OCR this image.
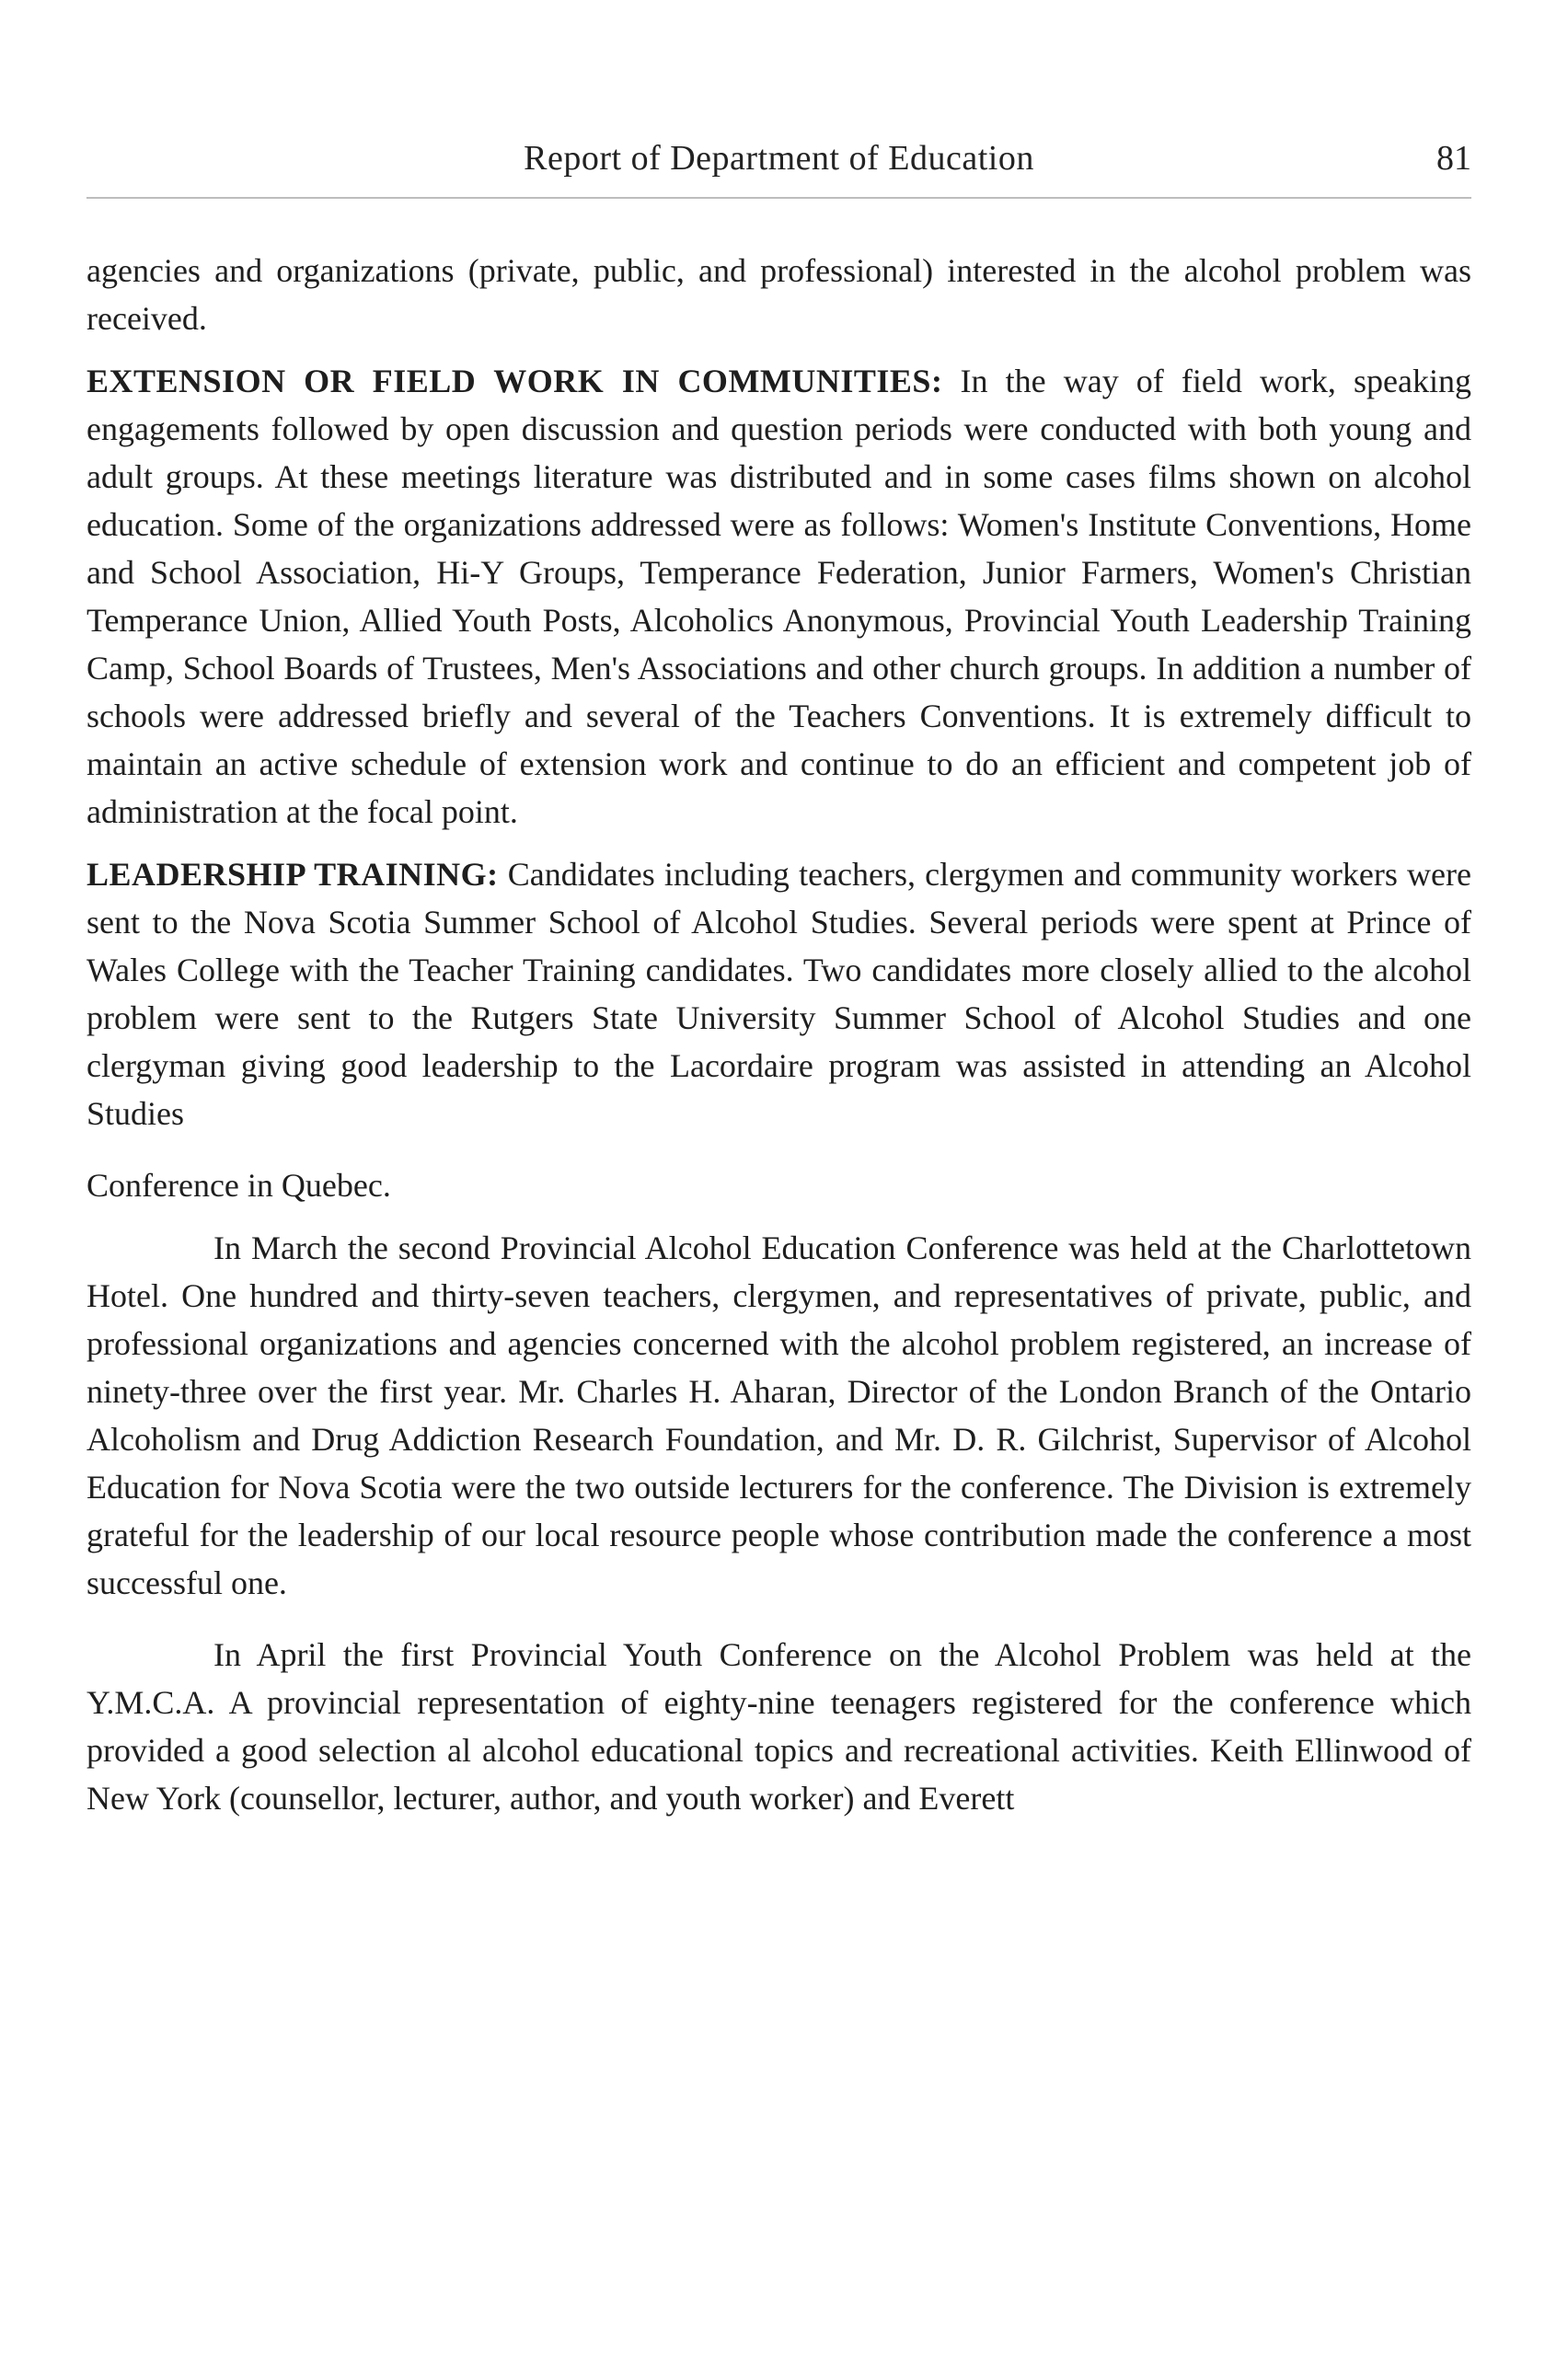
Report of Department of Education	81

agencies and organizations (private, public, and professional) interested in the alcohol problem was received.

EXTENSION OR FIELD WORK IN COMMUNITIES: In the way of field work, speaking engagements followed by open discussion and question periods were conducted with both young and adult groups. At these meetings literature was distributed and in some cases films shown on alcohol education. Some of the organizations addressed were as follows: Women's Institute Conventions, Home and School Association, Hi-Y Groups, Temperance Federation, Junior Farmers, Women's Christian Temperance Union, Allied Youth Posts, Alcoholics Anonymous, Provincial Youth Leadership Training Camp, School Boards of Trustees, Men's Associations and other church groups. In addition a number of schools were addressed briefly and several of the Teachers Conventions. It is extremely difficult to maintain an active schedule of extension work and continue to do an efficient and competent job of administration at the focal point.

LEADERSHIP TRAINING: Candidates including teachers, clergymen and community workers were sent to the Nova Scotia Summer School of Alcohol Studies. Several periods were spent at Prince of Wales College with the Teacher Training candidates. Two candidates more closely allied to the alcohol problem were sent to the Rutgers State University Summer School of Alcohol Studies and one clergyman giving good leadership to the Lacordaire program was assisted in attending an Alcohol Studies

Conference in Quebec.

In March the second Provincial Alcohol Education Conference was held at the Charlottetown Hotel. One hundred and thirty-seven teachers, clergymen, and representatives of private, public, and professional organizations and agencies concerned with the alcohol problem registered, an increase of ninety-three over the first year. Mr. Charles H. Aharan, Director of the London Branch of the Ontario Alcoholism and Drug Addiction Research Foundation, and Mr. D. R. Gilchrist, Supervisor of Alcohol Education for Nova Scotia were the two outside lecturers for the conference. The Division is extremely grateful for the leadership of our local resource people whose contribution made the conference a most successful one.

In April the first Provincial Youth Conference on the Alcohol Problem was held at the Y.M.C.A. A provincial representation of eighty-nine teenagers registered for the conference which provided a good selection al alcohol educational topics and recreational activities. Keith Ellinwood of New York (counsellor, lecturer, author, and youth worker) and Everett
